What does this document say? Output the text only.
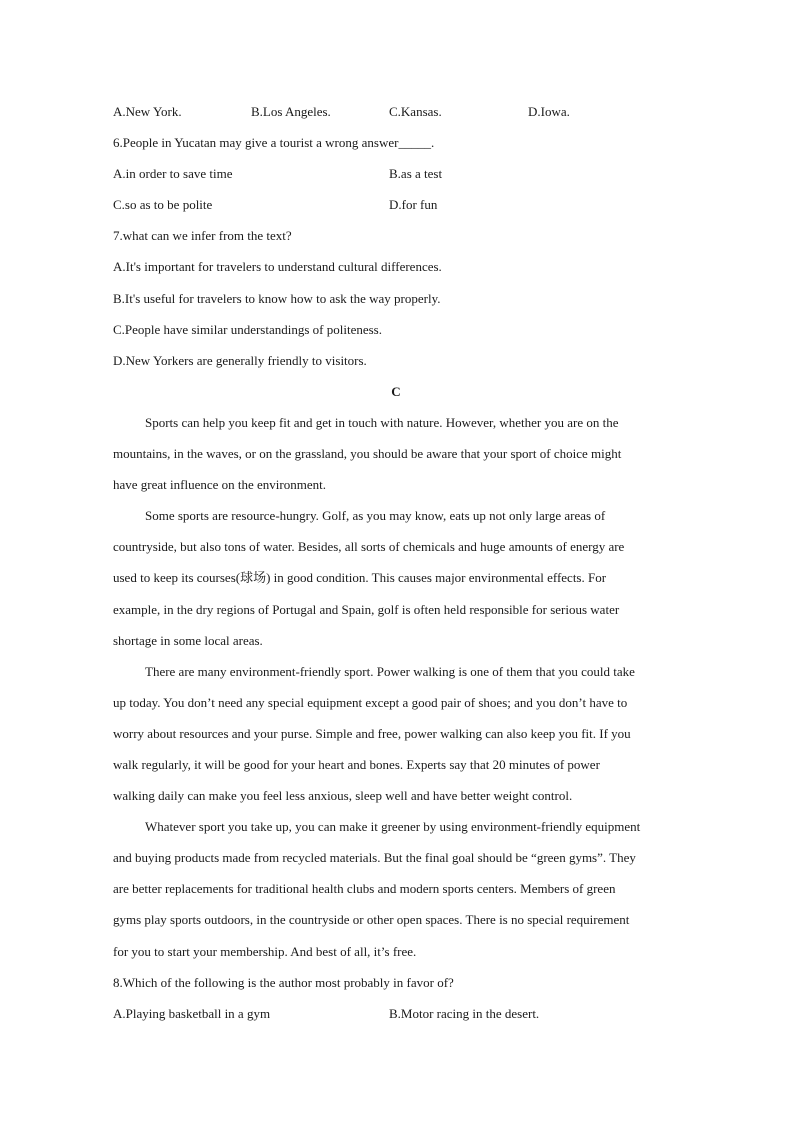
A.New York.	B.Los Angeles.	C.Kansas.	D.Iowa.
6.People in Yucatan may give a tourist a wrong answer_____.
A.in order to save time	B.as a test
C.so as to be polite	D.for fun
7.what can we infer from the text?
A.It's important for travelers to understand cultural differences.
B.It's useful for travelers to know how to ask the way properly.
C.People have similar understandings of politeness.
D.New Yorkers are generally friendly to visitors.
C
Sports can help you keep fit and get in touch with nature. However, whether you are on the
mountains, in the waves, or on the grassland, you should be aware that your sport of choice might
have great influence on the environment.
Some sports are resource-hungry. Golf, as you may know, eats up not only large areas of
countryside, but also tons of water. Besides, all sorts of chemicals and huge amounts of energy are
used to keep its courses(球场) in good condition. This causes major environmental effects. For
example, in the dry regions of Portugal and Spain, golf is often held responsible for serious water
shortage in some local areas.
There are many environment-friendly sport. Power walking is one of them that you could take
up today. You don’t need any special equipment except a good pair of shoes; and you don’t have to
worry about resources and your purse. Simple and free, power walking can also keep you fit. If you
walk regularly, it will be good for your heart and bones. Experts say that 20 minutes of power
walking daily can make you feel less anxious, sleep well and have better weight control.
Whatever sport you take up, you can make it greener by using environment-friendly equipment
and buying products made from recycled materials. But the final goal should be “green gyms”. They
are better replacements for traditional health clubs and modern sports centers. Members of green
gyms play sports outdoors, in the countryside or other open spaces. There is no special requirement
for you to start your membership. And best of all, it’s free.
8.Which of the following is the author most probably in favor of?
A.Playing basketball in a gym	B.Motor racing in the desert.
